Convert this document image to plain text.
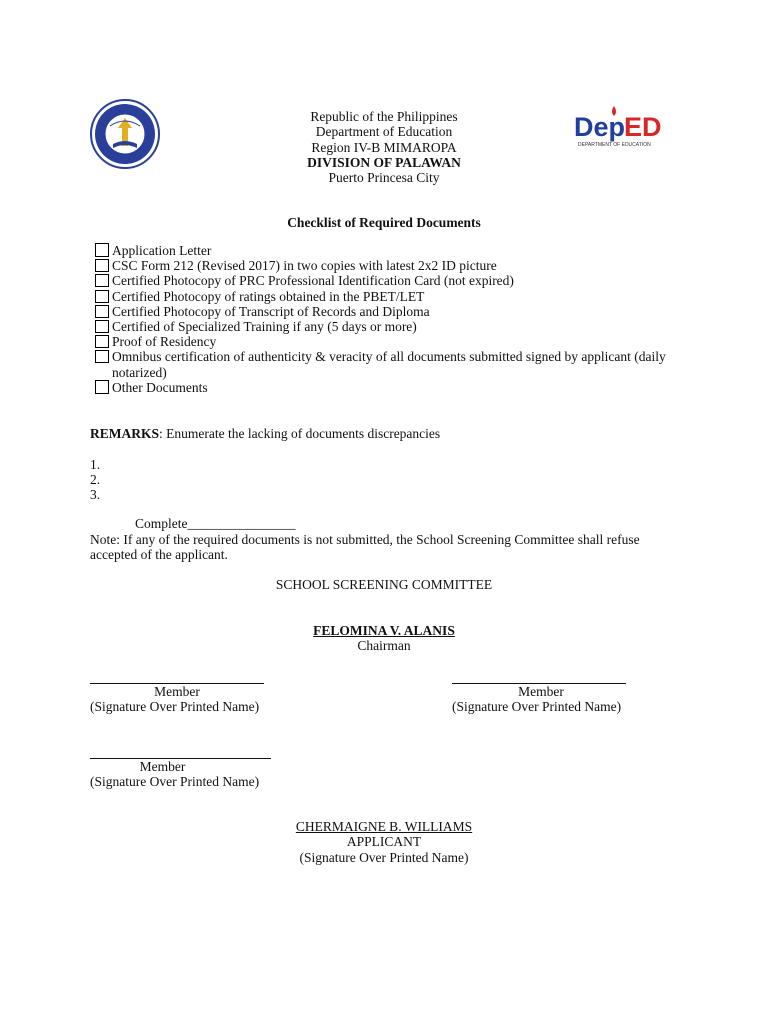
Dep
ED
DEPARTMENT OF EDUCATION
Republic of the Philippines
Department of Education
Region IV-B MIMAROPA
DIVISION OF PALAWAN
Puerto Princesa City
Checklist of Required Documents
Application Letter
CSC Form 212 (Revised 2017) in two copies with latest 2x2 ID picture
Certified Photocopy of PRC Professional Identification Card (not expired)
Certified Photocopy of ratings obtained in the PBET/LET
Certified Photocopy of Transcript of Records and Diploma
Certified of Specialized Training if any (5 days or more)
Proof of Residency
Omnibus certification of authenticity & veracity of all documents submitted signed by applicant (daily notarized)
Other Documents
REMARKS: Enumerate the lacking of documents discrepancies
1.
2.
3.
Complete________________
Note: If any of the required documents is not submitted, the School Screening Committee shall refuse accepted of the applicant.
SCHOOL SCREENING COMMITTEE
FELOMINA V. ALANIS
Chairman
Member
(Signature Over Printed Name)
Member
(Signature Over Printed Name)
Member
(Signature Over Printed Name)
CHERMAIGNE B. WILLIAMS
APPLICANT
(Signature Over Printed Name)
